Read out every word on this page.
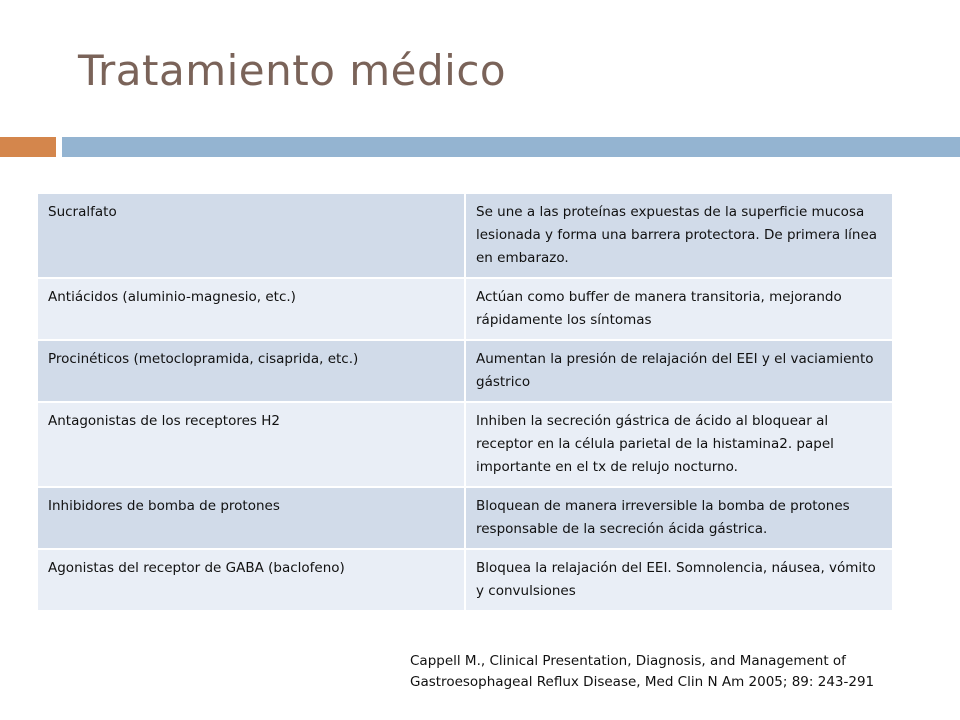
Tratamiento médico
Sucralfato	Se une a las proteínas expuestas de la superficie mucosa lesionada y forma una barrera protectora. De primera línea en embarazo.
Antiácidos (aluminio-magnesio, etc.)	Actúan como buffer de manera transitoria, mejorando rápidamente los síntomas
Procinéticos (metoclopramida, cisaprida, etc.)	Aumentan la presión de relajación del EEI y el vaciamiento gástrico
Antagonistas de los receptores H2	Inhiben la secreción gástrica de ácido al bloquear al receptor en la célula parietal de la histamina2. papel importante en el tx de relujo nocturno.
Inhibidores de bomba de protones	Bloquean de manera irreversible la bomba de protones responsable de la secreción ácida gástrica.
Agonistas del receptor de GABA (baclofeno)	Bloquea la relajación del EEI. Somnolencia, náusea, vómito y convulsiones
Cappell M., Clinical Presentation, Diagnosis, and Management of
Gastroesophageal Reflux Disease, Med Clin N Am 2005; 89: 243-291
